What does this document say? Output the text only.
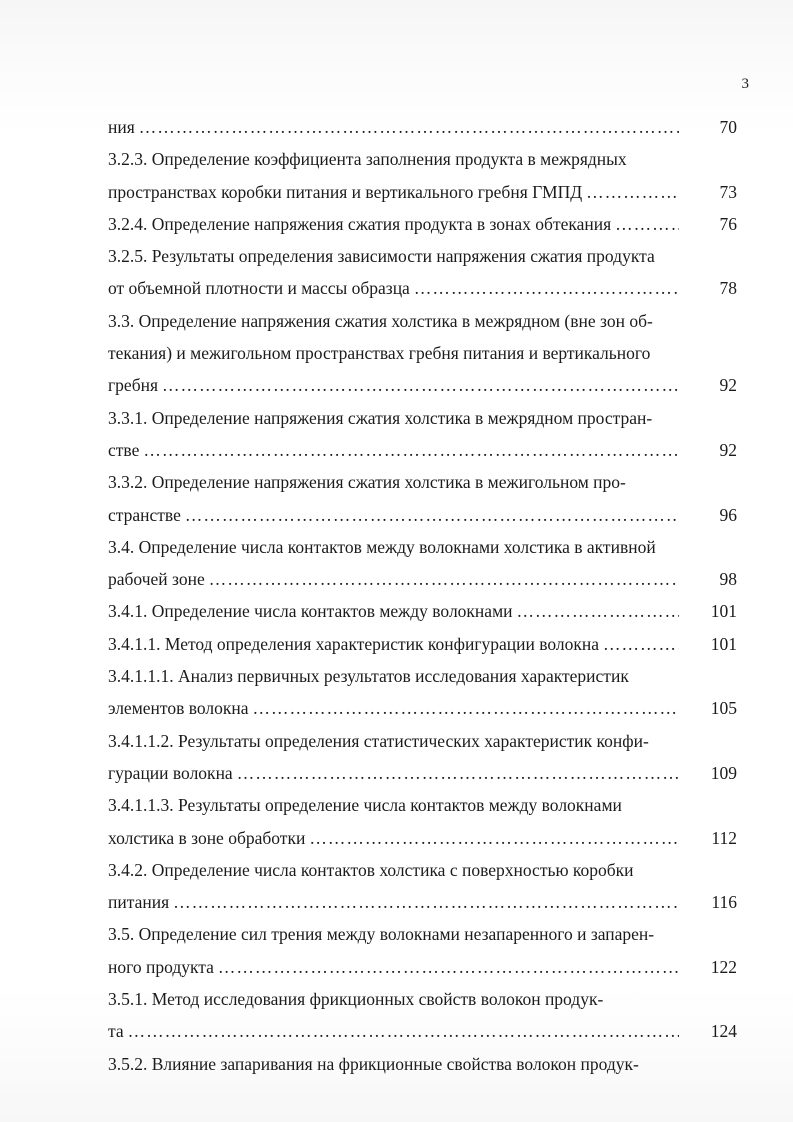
3
ния …………………………………………………………………………………………………………………………………………………………	70
3.2.3. Определение коэффициента заполнения продукта в межрядных
пространствах коробки питания и вертикального гребня ГМПД …………………………………………………………………………………………………………………………………………………………	73
3.2.4. Определение напряжения сжатия продукта в зонах обтекания …………………………………………………………………………………………………………………………………………………………	76
3.2.5. Результаты определения зависимости напряжения сжатия продукта
от объемной плотности и массы образца …………………………………………………………………………………………………………………………………………………………	78
3.3. Определение напряжения сжатия холстика в межрядном (вне зон об-
текания) и межигольном пространствах гребня питания и вертикального
гребня …………………………………………………………………………………………………………………………………………………………	92
3.3.1. Определение напряжения сжатия холстика в межрядном простран-
стве …………………………………………………………………………………………………………………………………………………………	92
3.3.2. Определение напряжения сжатия холстика в межигольном про-
странстве …………………………………………………………………………………………………………………………………………………………	96
3.4. Определение числа контактов между волокнами холстика в активной
рабочей зоне …………………………………………………………………………………………………………………………………………………………	98
3.4.1. Определение числа контактов между волокнами …………………………………………………………………………………………………………………………………………………………	101
3.4.1.1. Метод определения характеристик конфигурации волокна …………………………………………………………………………………………………………………………………………………………	101
3.4.1.1.1. Анализ первичных результатов исследования характеристик
элементов волокна …………………………………………………………………………………………………………………………………………………………	105
3.4.1.1.2. Результаты определения статистических характеристик конфи-
гурации волокна …………………………………………………………………………………………………………………………………………………………	109
3.4.1.1.3. Результаты определение числа контактов между волокнами
холстика в зоне обработки …………………………………………………………………………………………………………………………………………………………	112
3.4.2. Определение числа контактов холстика с поверхностью коробки
питания …………………………………………………………………………………………………………………………………………………………	116
3.5. Определение сил трения между волокнами незапаренного и запарен-
ного продукта …………………………………………………………………………………………………………………………………………………………	122
3.5.1. Метод исследования фрикционных свойств волокон продук-
та …………………………………………………………………………………………………………………………………………………………	124
3.5.2. Влияние запаривания на фрикционные свойства волокон продук-
